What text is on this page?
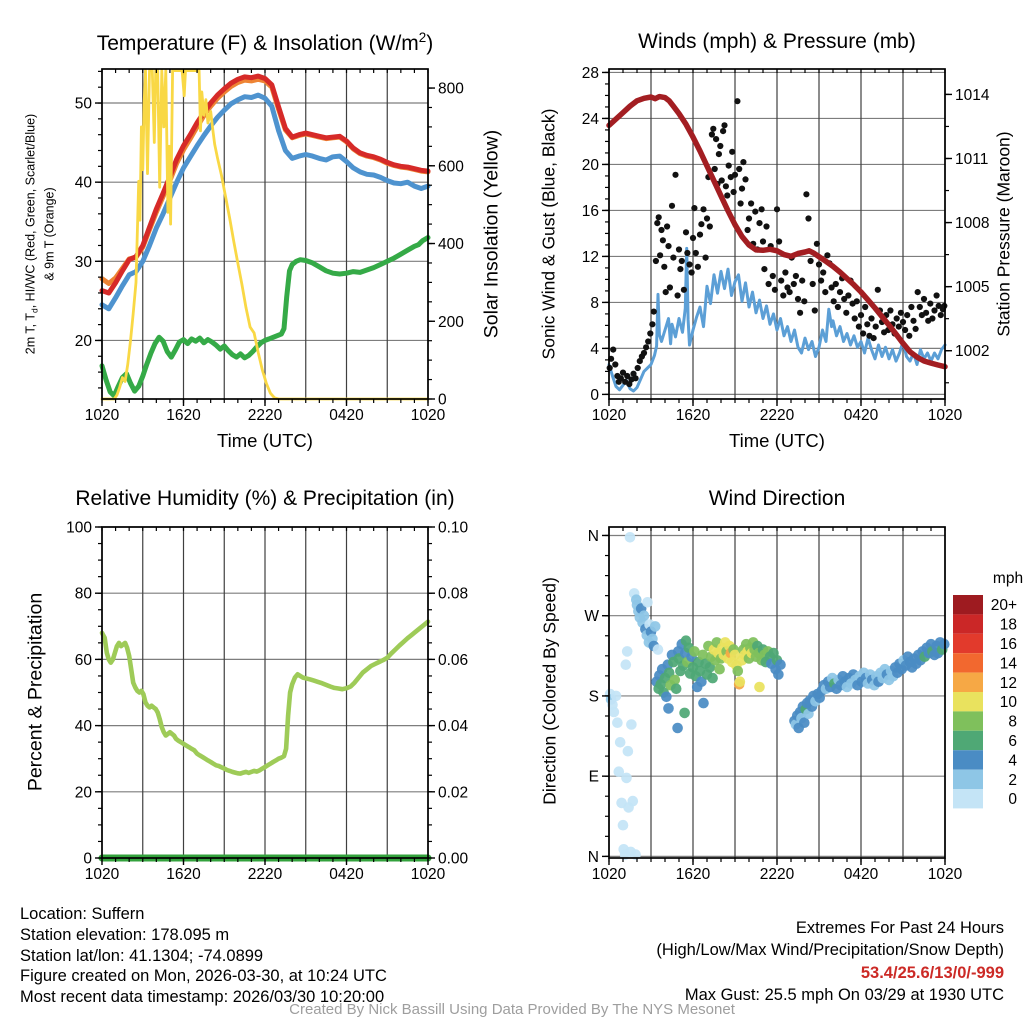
1020	1620	2220	0420	1020
20
30
40
50
0
200
400
600
800
1020	1620	2220	0420	1020
0
4
8
12
16
20
24
28
1002
1005
1008
1011
1014
1020	1620	2220	0420	1020
0
20
40
60
80
100
0.00
0.02
0.04
0.06
0.08
0.10
1020	1620	2220	0420	1020
N
E
S
W
N
20+
18
16
14
12
10
8
6
4
2
0
Temperature (F) & Insolation $(W/m^2)$	Winds (mph) & Pressure (mb)
Relative Humidity (%) & Precipitation (in)	Wind Direction
2m T, $T_d$, HI/WC (Red, Green, Scarlet/Blue) & 9m T (Orange)	Solar Insolation (Yellow) Sonic Wind & Gust (Blue, Black)	Station Pressure (Maroon)
Percent & Precipitation	Direction (Colored By Speed)
Time (UTC)	Time (UTC)
mph
Location: Suffern
Station elevation: 178.095 m
Station lat/lon: 41.1304; -74.0899
Figure created on Mon, 2026-03-30, at 10:24 UTC
Most recent data timestamp: 2026/03/30 10:20:00
Extremes For Past 24 Hours
(High/Low/Max Wind/Precipitation/Snow Depth)
53.4/25.6/13/0/-999
Max Gust: 25.5 mph On 03/29 at 1930 UTC
Created By Nick Bassill Using Data Provided By The NYS Mesonet
